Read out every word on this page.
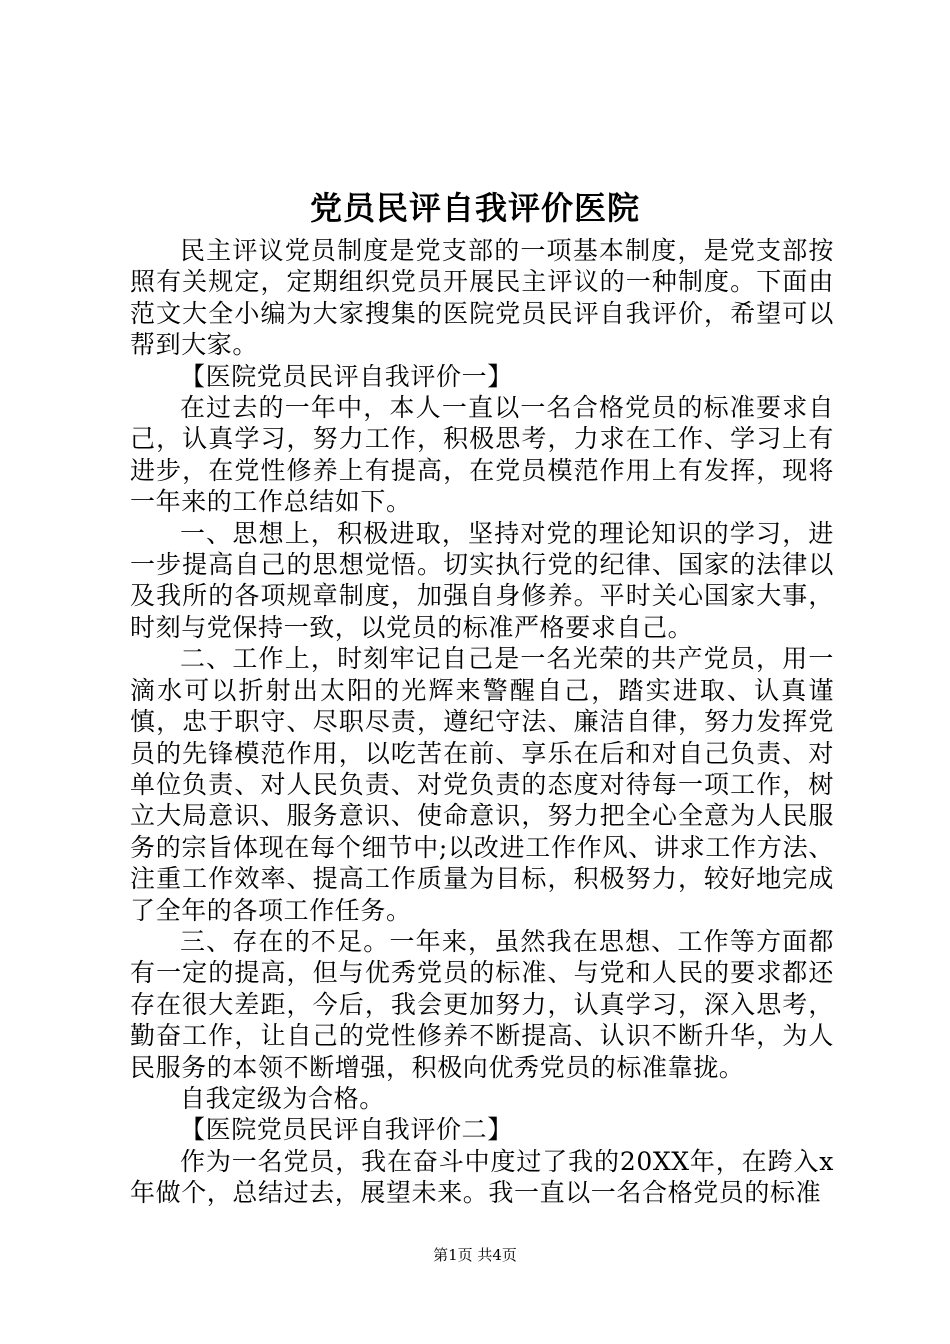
党员民评自我评价医院

民主评议党员制度是党支部的一项基本制度，是党支部按照有关规定，定期组织党员开展民主评议的一种制度。下面由范文大全小编为大家搜集的医院党员民评自我评价，希望可以帮到大家。

【医院党员民评自我评价一】

在过去的一年中，本人一直以一名合格党员的标准要求自己，认真学习，努力工作，积极思考，力求在工作、学习上有进步，在党性修养上有提高，在党员模范作用上有发挥，现将一年来的工作总结如下。

一、思想上，积极进取，坚持对党的理论知识的学习，进一步提高自己的思想觉悟。切实执行党的纪律、国家的法律以及我所的各项规章制度，加强自身修养。平时关心国家大事，时刻与党保持一致，以党员的标准严格要求自己。

二、工作上，时刻牢记自己是一名光荣的共产党员，用一滴水可以折射出太阳的光辉来警醒自己，踏实进取、认真谨慎，忠于职守、尽职尽责，遵纪守法、廉洁自律，努力发挥党员的先锋模范作用，以吃苦在前、享乐在后和对自己负责、对单位负责、对人民负责、对党负责的态度对待每一项工作，树立大局意识、服务意识、使命意识，努力把全心全意为人民服务的宗旨体现在每个细节中;以改进工作作风、讲求工作方法、注重工作效率、提高工作质量为目标，积极努力，较好地完成了全年的各项工作任务。

三、存在的不足。一年来，虽然我在思想、工作等方面都有一定的提高，但与优秀党员的标准、与党和人民的要求都还存在很大差距，今后，我会更加努力，认真学习，深入思考，勤奋工作，让自己的党性修养不断提高、认识不断升华，为人民服务的本领不断增强，积极向优秀党员的标准靠拢。

自我定级为合格。

【医院党员民评自我评价二】

作为一名党员，我在奋斗中度过了我的20XX年，在跨入x年做个，总结过去，展望未来。我一直以一名合格党员的标准

第1页 共4页
